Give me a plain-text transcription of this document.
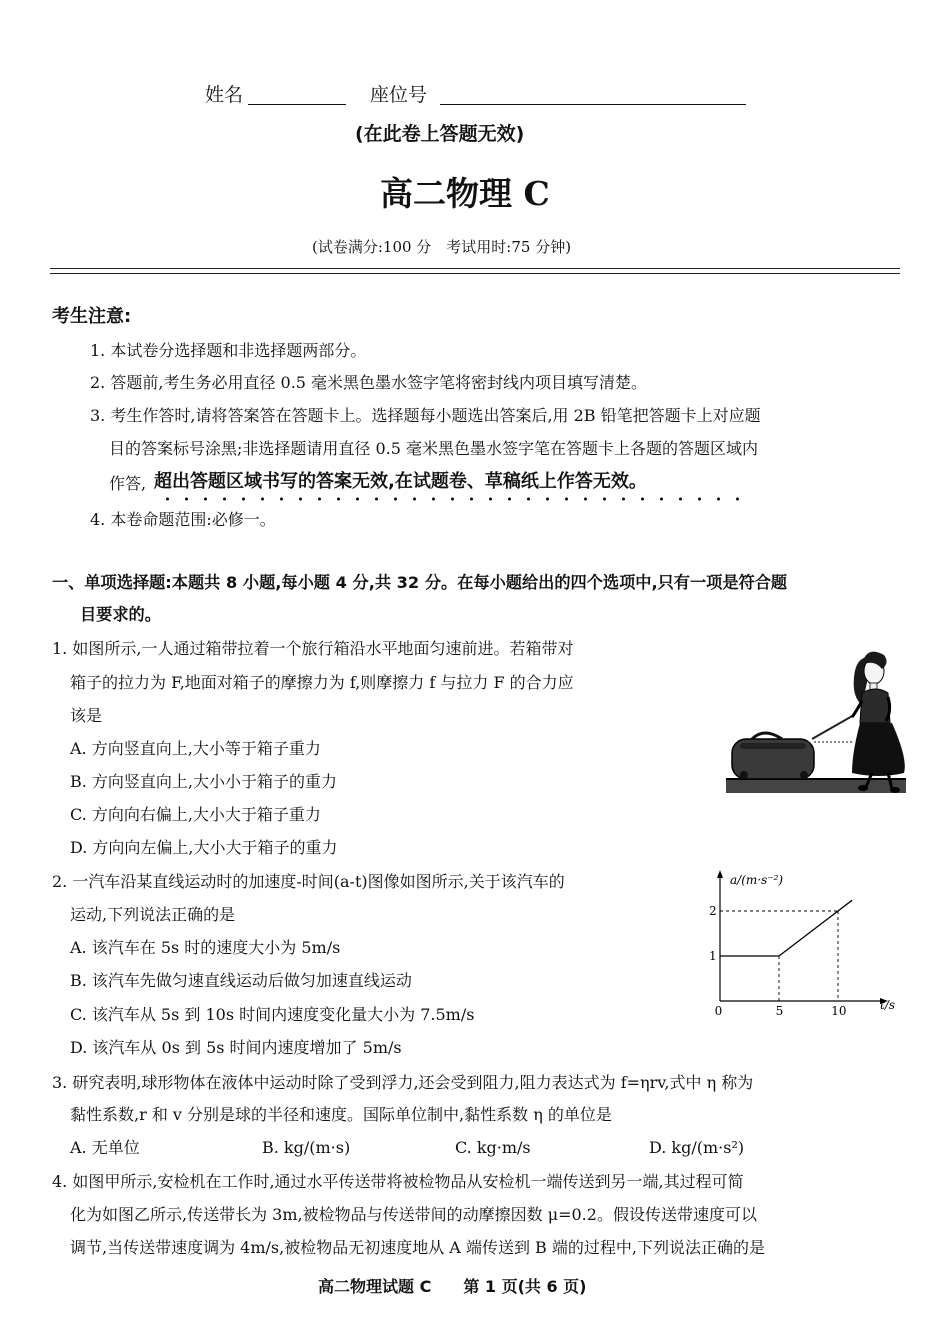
姓名	座位号
(在此卷上答题无效)
高二物理 C
(试卷满分:100 分　考试用时:75 分钟)
考生注意:
1. 本试卷分选择题和非选择题两部分。
2. 答题前,考生务必用直径 0.5 毫米黑色墨水签字笔将密封线内项目填写清楚。
3. 考生作答时,请将答案答在答题卡上。选择题每小题选出答案后,用 2B 铅笔把答题卡上对应题
目的答案标号涂黑;非选择题请用直径 0.5 毫米黑色墨水签字笔在答题卡上各题的答题区域内
作答, 超出答题区域书写的答案无效,在试题卷、草稿纸上作答无效。
4. 本卷命题范围:必修一。
一、单项选择题:本题共 8 小题,每小题 4 分,共 32 分。在每小题给出的四个选项中,只有一项是符合题
目要求的。
1. 如图所示,一人通过箱带拉着一个旅行箱沿水平地面匀速前进。若箱带对
箱子的拉力为 F,地面对箱子的摩擦力为 f,则摩擦力 f 与拉力 F 的合力应
该是
A. 方向竖直向上,大小等于箱子重力
B. 方向竖直向上,大小小于箱子的重力
C. 方向向右偏上,大小大于箱子重力
D. 方向向左偏上,大小大于箱子的重力
2. 一汽车沿某直线运动时的加速度-时间(a-t)图像如图所示,关于该汽车的
运动,下列说法正确的是
A. 该汽车在 5s 时的速度大小为 5m/s
B. 该汽车先做匀速直线运动后做匀加速直线运动
C. 该汽车从 5s 到 10s 时间内速度变化量大小为 7.5m/s
D. 该汽车从 0s 到 5s 时间内速度增加了 5m/s
0	5	10
1
2
a/(m·s⁻²)
t/s
3. 研究表明,球形物体在液体中运动时除了受到浮力,还会受到阻力,阻力表达式为 f=ηrv,式中 η 称为
黏性系数,r 和 v 分别是球的半径和速度。国际单位制中,黏性系数 η 的单位是
A. 无单位	B. kg/(m·s)	C. kg·m/s	D. kg/(m·s²)
4. 如图甲所示,安检机在工作时,通过水平传送带将被检物品从安检机一端传送到另一端,其过程可简
化为如图乙所示,传送带长为 3m,被检物品与传送带间的动摩擦因数 μ=0.2。假设传送带速度可以
调节,当传送带速度调为 4m/s,被检物品无初速度地从 A 端传送到 B 端的过程中,下列说法正确的是
高二物理试题 C　　第 1 页(共 6 页)
